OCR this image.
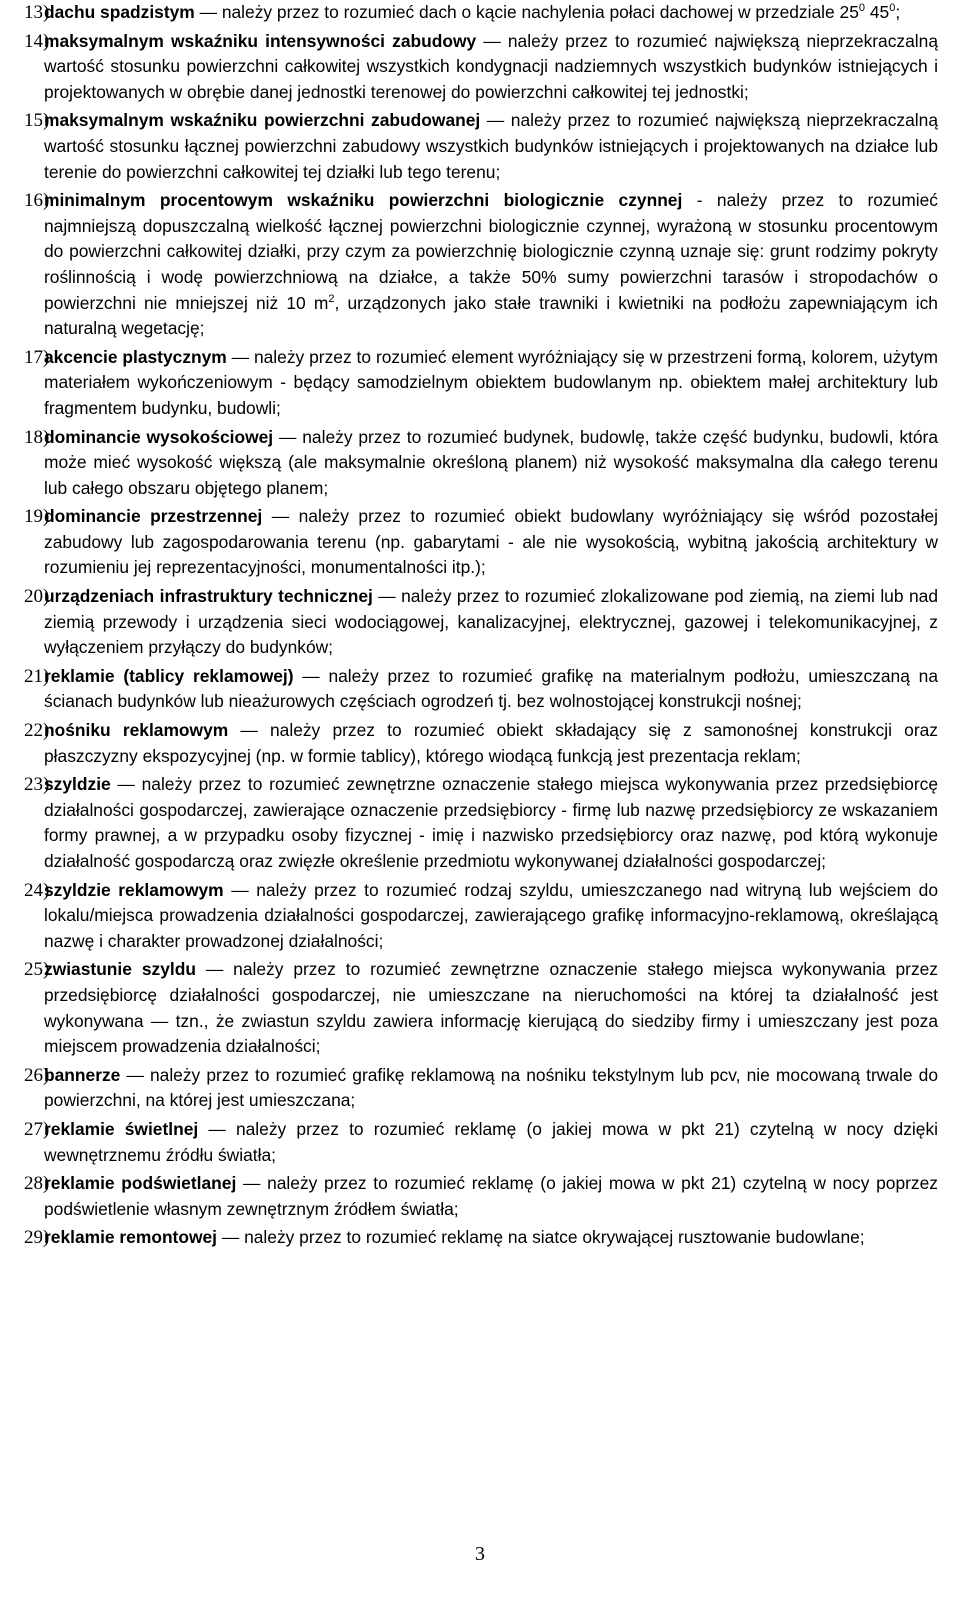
13)
dachu spadzistym — należy przez to rozumieć dach o kącie nachylenia połaci dachowej w przedziale $25^0$ $45^0$;
14)
maksymalnym wskaźniku intensywności zabudowy — należy przez to rozumieć największą nieprzekraczalną wartość stosunku powierzchni całkowitej wszystkich kondygnacji nadziemnych wszystkich budynków istniejących i projektowanych w obrębie danej jednostki terenowej do powierzchni całkowitej tej jednostki;
15)
maksymalnym wskaźniku powierzchni zabudowanej — należy przez to rozumieć największą nieprzekraczalną wartość stosunku łącznej powierzchni zabudowy wszystkich budynków istniejących i projektowanych na działce lub terenie do powierzchni całkowitej tej działki lub tego terenu;
16)
minimalnym procentowym wskaźniku powierzchni biologicznie czynnej - należy przez to rozumieć najmniejszą dopuszczalną wielkość łącznej powierzchni biologicznie czynnej, wyrażoną w stosunku procentowym do powierzchni całkowitej działki, przy czym za powierzchnię biologicznie czynną uznaje się: grunt rodzimy pokryty roślinnością i wodę powierzchniową na działce, a także 50% sumy powierzchni tarasów i stropodachów o powierzchni nie mniejszej niż 10 $m^2$, urządzonych jako stałe trawniki i kwietniki na podłożu zapewniającym ich naturalną wegetację;
17)
akcencie plastycznym — należy przez to rozumieć element wyróżniający się w przestrzeni formą, kolorem, użytym materiałem wykończeniowym - będący samodzielnym obiektem budowlanym np. obiektem małej architektury lub fragmentem budynku, budowli;
18)
dominancie wysokościowej — należy przez to rozumieć budynek, budowlę, także część budynku, budowli, która może mieć wysokość większą (ale maksymalnie określoną planem) niż wysokość maksymalna dla całego terenu lub całego obszaru objętego planem;
19)
dominancie przestrzennej — należy przez to rozumieć obiekt budowlany wyróżniający się wśród pozostałej zabudowy lub zagospodarowania terenu (np. gabarytami - ale nie wysokością, wybitną jakością architektury w rozumieniu jej reprezentacyjności, monumentalności itp.);
20)
urządzeniach infrastruktury technicznej — należy przez to rozumieć zlokalizowane pod ziemią, na ziemi lub nad ziemią przewody i urządzenia sieci wodociągowej, kanalizacyjnej, elektrycznej, gazowej i telekomunikacyjnej, z wyłączeniem przyłączy do budynków;
21)
reklamie (tablicy reklamowej) — należy przez to rozumieć grafikę na materialnym podłożu, umieszczaną na ścianach budynków lub nieażurowych częściach ogrodzeń tj. bez wolnostojącej konstrukcji nośnej;
22)
nośniku reklamowym — należy przez to rozumieć obiekt składający się z samonośnej konstrukcji oraz płaszczyzny ekspozycyjnej (np. w formie tablicy), którego wiodącą funkcją jest prezentacja reklam;
23)
szyldzie — należy przez to rozumieć zewnętrzne oznaczenie stałego miejsca wykonywania przez przedsiębiorcę działalności gospodarczej, zawierające oznaczenie przedsiębiorcy - firmę lub nazwę przedsiębiorcy ze wskazaniem formy prawnej, a w przypadku osoby fizycznej - imię i nazwisko przedsiębiorcy oraz nazwę, pod którą wykonuje działalność gospodarczą oraz zwięzłe określenie przedmiotu wykonywanej działalności gospodarczej;
24)
szyldzie reklamowym — należy przez to rozumieć rodzaj szyldu, umieszczanego nad witryną lub wejściem do lokalu/miejsca prowadzenia działalności gospodarczej, zawierającego grafikę informacyjno-reklamową, określającą nazwę i charakter prowadzonej działalności;
25)
zwiastunie szyldu — należy przez to rozumieć zewnętrzne oznaczenie stałego miejsca wykonywania przez przedsiębiorcę działalności gospodarczej, nie umieszczane na nieruchomości na której ta działalność jest wykonywana — tzn., że zwiastun szyldu zawiera informację kierującą do siedziby firmy i umieszczany jest poza miejscem prowadzenia działalności;
26)
bannerze — należy przez to rozumieć grafikę reklamową na nośniku tekstylnym lub pcv, nie mocowaną trwale do powierzchni, na której jest umieszczana;
27)
reklamie świetlnej — należy przez to rozumieć reklamę (o jakiej mowa w pkt 21) czytelną w nocy dzięki wewnętrznemu źródłu światła;
28)
reklamie podświetlanej — należy przez to rozumieć reklamę (o jakiej mowa w pkt 21) czytelną w nocy poprzez podświetlenie własnym zewnętrznym źródłem światła;
29)
reklamie remontowej — należy przez to rozumieć reklamę na siatce okrywającej rusztowanie budowlane;
3
